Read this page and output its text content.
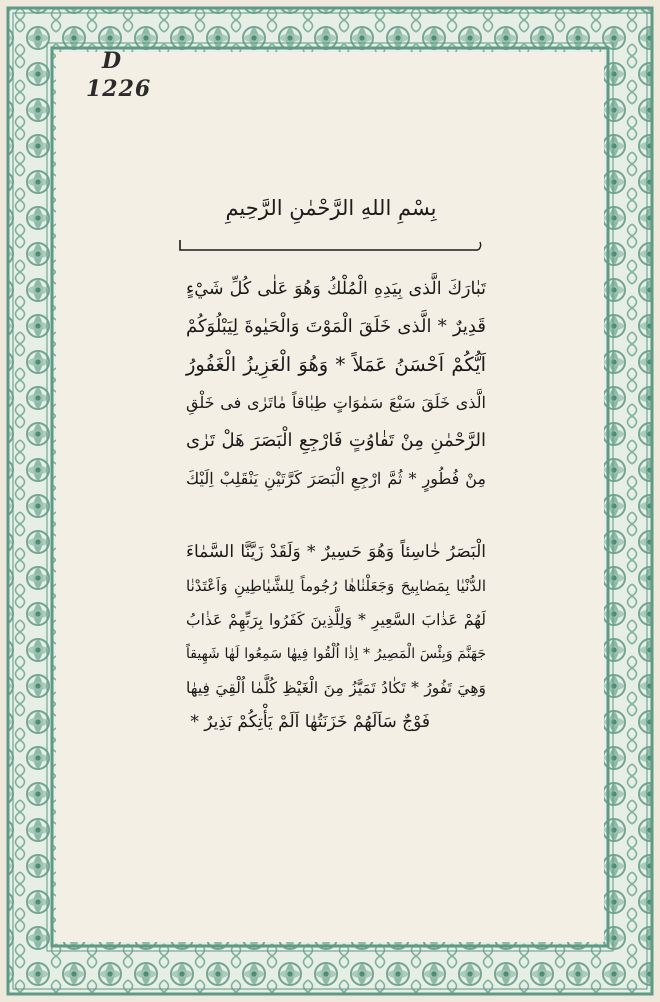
D
1226
بِسْمِ اللهِ الرَّحْمٰنِ الرَّحِيمِ
تَبٰارَكَ الَّذى بِيَدِهِ الْمُلْكُ وَهُوَ عَلٰى كُلِّ شَيْءٍ
قَدِيرٌ * الَّذى خَلَقَ الْمَوْتَ وَالْحَيٰوةَ لِيَبْلُوَكُمْ
اَيُّكُمْ اَحْسَنُ عَمَلاً * وَهُوَ الْعَزِيزُ الْغَفُورُ
الَّذى خَلَقَ سَبْعَ سَمٰوَاتٍ طِبٰاقاً مٰاتَرٰى فى خَلْقِ
الرَّحْمٰنِ مِنْ تَفٰاوُتٍ فَارْجِعِ الْبَصَرَ هَلْ تَرٰى
مِنْ فُطُورٍ * ثُمَّ ارْجِعِ الْبَصَرَ كَرَّتَيْنِ يَنْقَلِبْ اِلَيْكَ
الْبَصَرُ خٰاسِئاً وَهُوَ حَسِيرٌ * وَلَقَدْ زَيَّنَّا السَّمٰاءَ
الدُّنْيٰا بِمَصٰابِيحَ وَجَعَلْنٰاهٰا رُجُوماً لِلشَّيٰاطِينِ وَاَعْتَدْنٰا
لَهُمْ عَذٰابَ السَّعِيرِ * وَلِلَّذِينَ كَفَرُوا بِرَبِّهِمْ عَذٰابُ
جَهَنَّمَ وَبِئْسَ الْمَصِيرُ * اِذٰا اُلْقُوا فِيهٰا سَمِعُوا لَهٰا شَهِيقاً
وَهِيَ تَفُورُ * تَكٰادُ تَمَيَّزُ مِنَ الْغَيْظِ كُلَّمٰا اُلْقِيَ فِيهٰا
فَوْجٌ سَاَلَهُمْ خَزَنَتُهٰا اَلَمْ يَأْتِكُمْ نَذِيرٌ *
